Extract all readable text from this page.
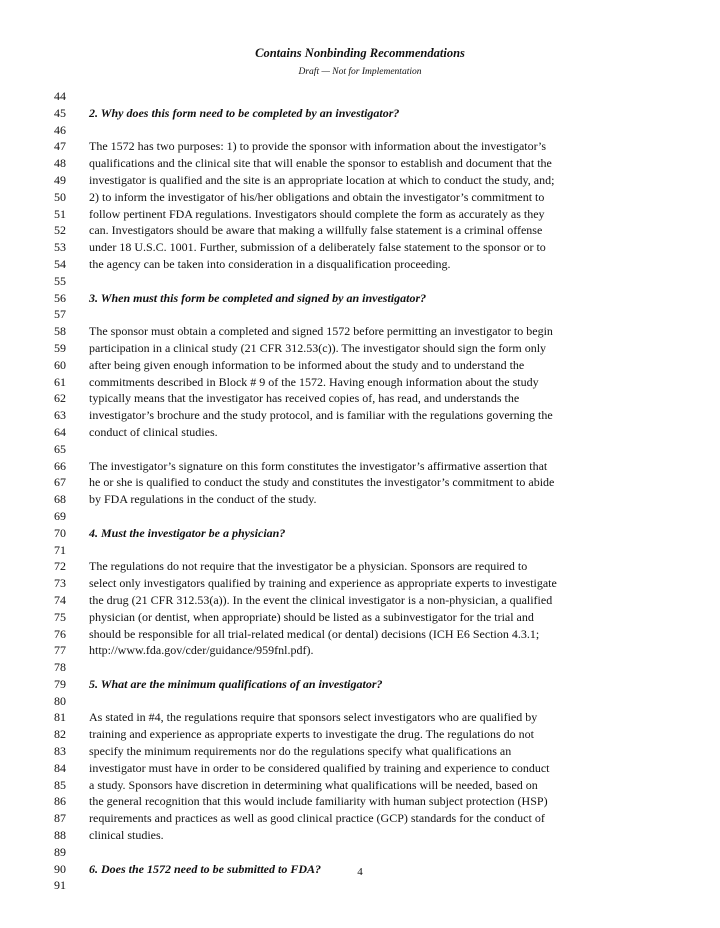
Contains Nonbinding Recommendations
Draft — Not for Implementation
44
45 2. Why does this form need to be completed by an investigator?
46
47 The 1572 has two purposes: 1) to provide the sponsor with information about the investigator’s
48 qualifications and the clinical site that will enable the sponsor to establish and document that the
49 investigator is qualified and the site is an appropriate location at which to conduct the study, and;
50 2) to inform the investigator of his/her obligations and obtain the investigator’s commitment to
51 follow pertinent FDA regulations. Investigators should complete the form as accurately as they
52 can. Investigators should be aware that making a willfully false statement is a criminal offense
53 under 18 U.S.C. 1001. Further, submission of a deliberately false statement to the sponsor or to
54 the agency can be taken into consideration in a disqualification proceeding.
55
56 3. When must this form be completed and signed by an investigator?
57
58 The sponsor must obtain a completed and signed 1572 before permitting an investigator to begin
59 participation in a clinical study (21 CFR 312.53(c)). The investigator should sign the form only
60 after being given enough information to be informed about the study and to understand the
61 commitments described in Block # 9 of the 1572. Having enough information about the study
62 typically means that the investigator has received copies of, has read, and understands the
63 investigator’s brochure and the study protocol, and is familiar with the regulations governing the
64 conduct of clinical studies.
65
66 The investigator’s signature on this form constitutes the investigator’s affirmative assertion that
67 he or she is qualified to conduct the study and constitutes the investigator’s commitment to abide
68 by FDA regulations in the conduct of the study.
69
70 4. Must the investigator be a physician?
71
72 The regulations do not require that the investigator be a physician. Sponsors are required to
73 select only investigators qualified by training and experience as appropriate experts to investigate
74 the drug (21 CFR 312.53(a)). In the event the clinical investigator is a non-physician, a qualified
75 physician (or dentist, when appropriate) should be listed as a subinvestigator for the trial and
76 should be responsible for all trial-related medical (or dental) decisions (ICH E6 Section 4.3.1;
77 http://www.fda.gov/cder/guidance/959fnl.pdf).
78
79 5. What are the minimum qualifications of an investigator?
80
81 As stated in #4, the regulations require that sponsors select investigators who are qualified by
82 training and experience as appropriate experts to investigate the drug. The regulations do not
83 specify the minimum requirements nor do the regulations specify what qualifications an
84 investigator must have in order to be considered qualified by training and experience to conduct
85 a study. Sponsors have discretion in determining what qualifications will be needed, based on
86 the general recognition that this would include familiarity with human subject protection (HSP)
87 requirements and practices as well as good clinical practice (GCP) standards for the conduct of
88 clinical studies.
89
90 6. Does the 1572 need to be submitted to FDA?
91
4
